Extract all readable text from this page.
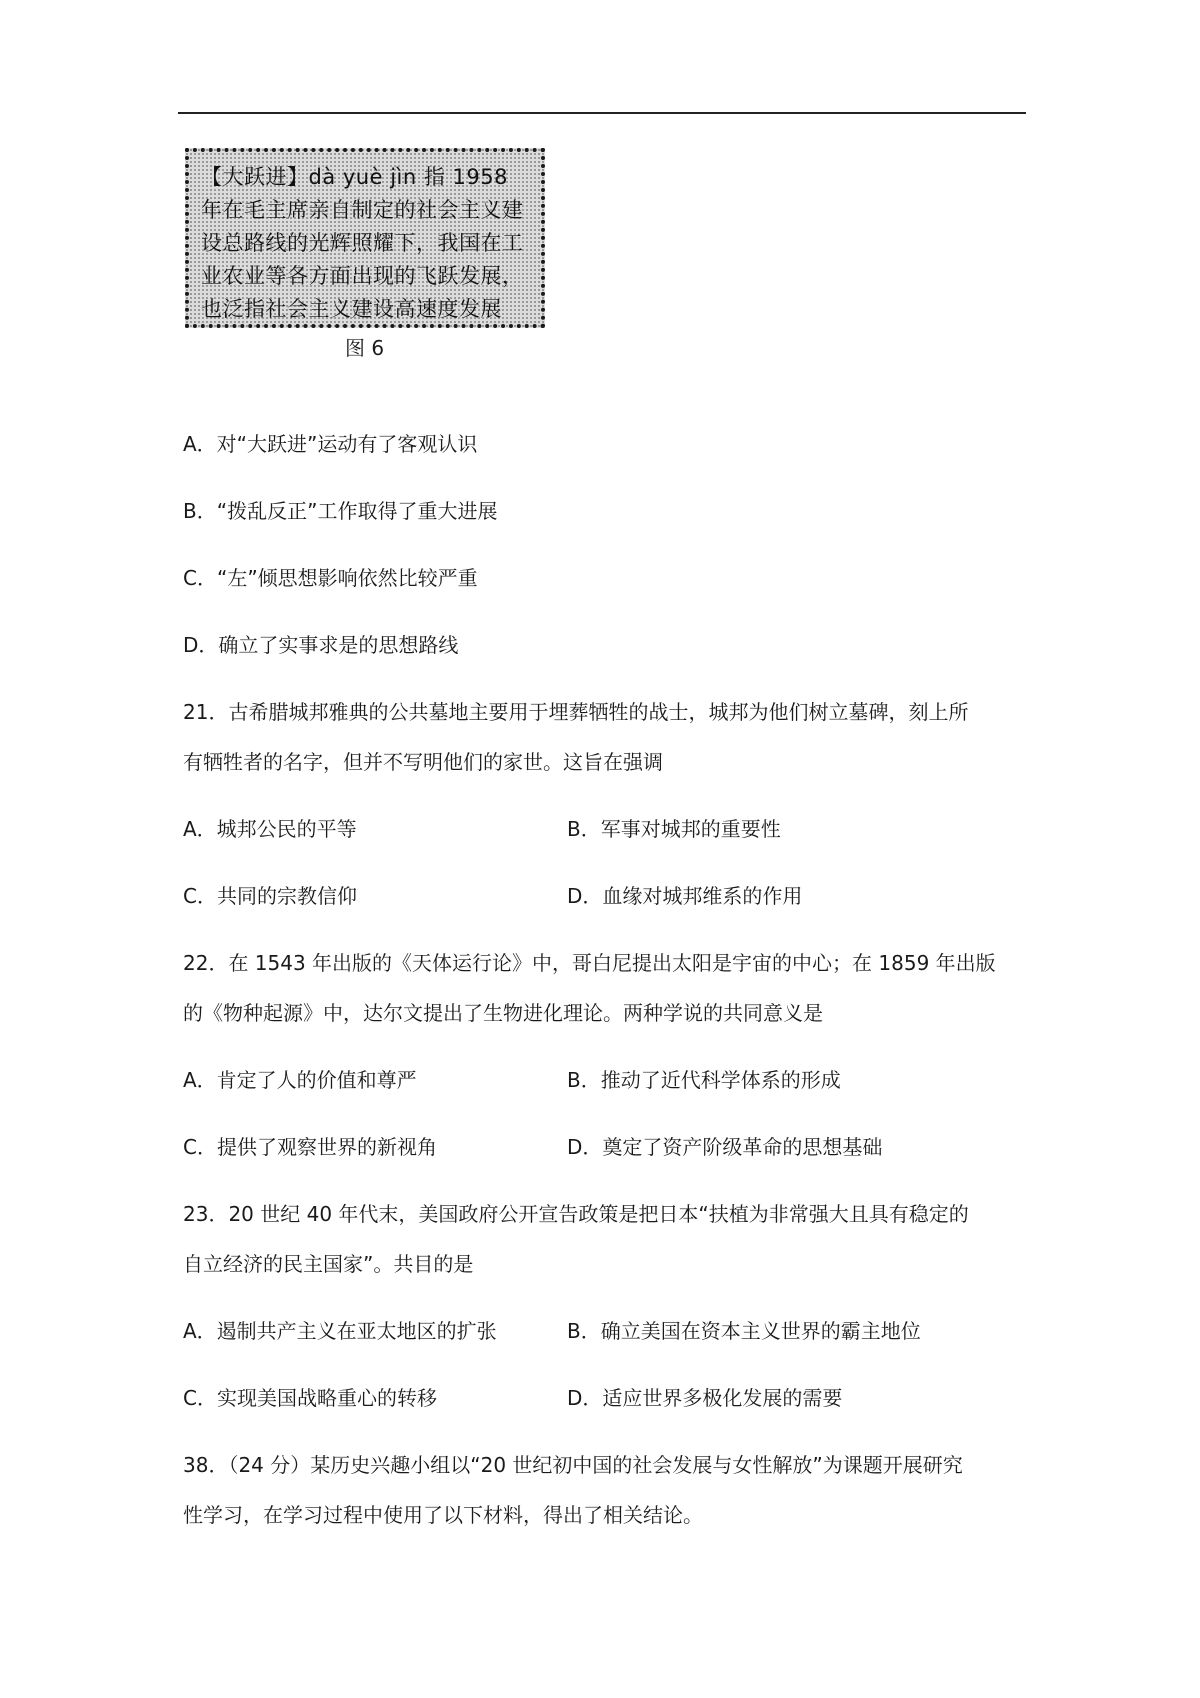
【大跃进】dà yuè jìn 指 1958 年在毛主席亲自制定的社会主义建设总路线的光辉照耀下，我国在工业农业等各方面出现的飞跃发展，也泛指社会主义建设高速度发展
图 6
A．对“大跃进”运动有了客观认识
B．“拨乱反正”工作取得了重大进展
C．“左”倾思想影响依然比较严重
D．确立了实事求是的思想路线
21．古希腊城邦雅典的公共墓地主要用于埋葬牺牲的战士，城邦为他们树立墓碑，刻上所
有牺牲者的名字，但并不写明他们的家世。这旨在强调
A．城邦公民的平等	B．军事对城邦的重要性
C．共同的宗教信仰	D．血缘对城邦维系的作用
22．在 1543 年出版的《天体运行论》中，哥白尼提出太阳是宇宙的中心；在 1859 年出版
的《物种起源》中，达尔文提出了生物进化理论。两种学说的共同意义是
A．肯定了人的价值和尊严	B．推动了近代科学体系的形成
C．提供了观察世界的新视角	D．奠定了资产阶级革命的思想基础
23．20 世纪 40 年代末，美国政府公开宣告政策是把日本“扶植为非常强大且具有稳定的
自立经济的民主国家”。共目的是
A．遏制共产主义在亚太地区的扩张	B．确立美国在资本主义世界的霸主地位
C．实现美国战略重心的转移	D．适应世界多极化发展的需要
38．（24 分）某历史兴趣小组以“20 世纪初中国的社会发展与女性解放”为课题开展研究
性学习，在学习过程中使用了以下材料，得出了相关结论。
